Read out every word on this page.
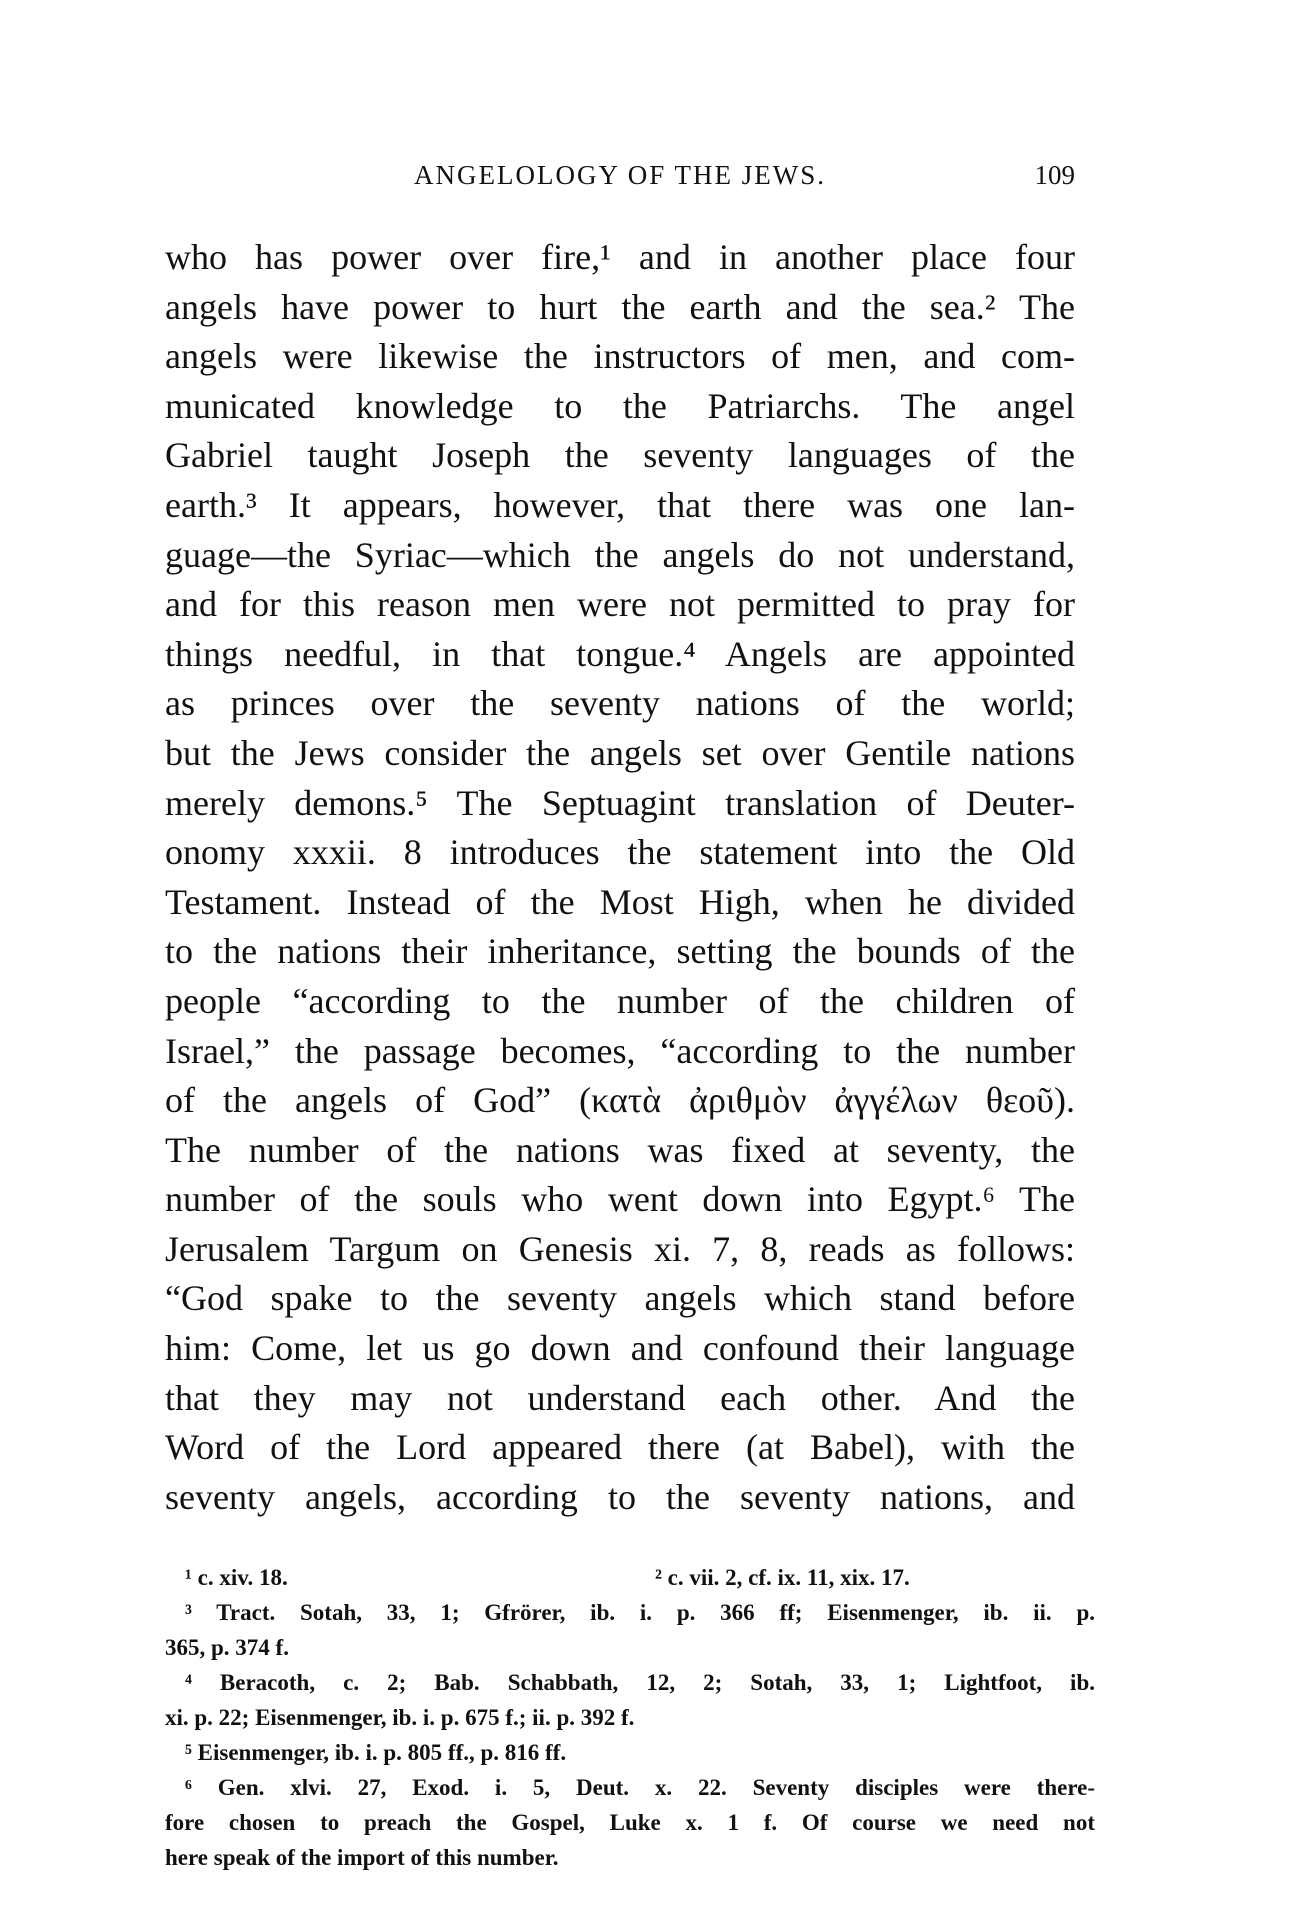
ANGELOLOGY OF THE JEWS.	109
who has power over fire,¹ and in another place four
angels have power to hurt the earth and the sea.² The
angels were likewise the instructors of men, and com-
municated knowledge to the Patriarchs. The angel
Gabriel taught Joseph the seventy languages of the
earth.³ It appears, however, that there was one lan-
guage—the Syriac—which the angels do not understand,
and for this reason men were not permitted to pray for
things needful, in that tongue.⁴ Angels are appointed
as princes over the seventy nations of the world;
but the Jews consider the angels set over Gentile nations
merely demons.⁵ The Septuagint translation of Deuter-
onomy xxxii. 8 introduces the statement into the Old
Testament. Instead of the Most High, when he divided
to the nations their inheritance, setting the bounds of the
people “according to the number of the children of
Israel,” the passage becomes, “according to the number
of the angels of God” (κατὰ ἀριθμὸν ἀγγέλων θεοῦ).
The number of the nations was fixed at seventy, the
number of the souls who went down into Egypt.⁶ The
Jerusalem Targum on Genesis xi. 7, 8, reads as follows:
“God spake to the seventy angels which stand before
him: Come, let us go down and confound their language
that they may not understand each other. And the
Word of the Lord appeared there (at Babel), with the
seventy angels, according to the seventy nations, and
¹ c. xiv. 18.	² c. vii. 2, cf. ix. 11, xix. 17.
³ Tract. Sotah, 33, 1; Gfrörer, ib. i. p. 366 ff; Eisenmenger, ib. ii. p.
365, p. 374 f.
⁴ Beracoth, c. 2; Bab. Schabbath, 12, 2; Sotah, 33, 1; Lightfoot, ib.
xi. p. 22; Eisenmenger, ib. i. p. 675 f.; ii. p. 392 f.
⁵ Eisenmenger, ib. i. p. 805 ff., p. 816 ff.
⁶ Gen. xlvi. 27, Exod. i. 5, Deut. x. 22. Seventy disciples were there-
fore chosen to preach the Gospel, Luke x. 1 f. Of course we need not
here speak of the import of this number.
